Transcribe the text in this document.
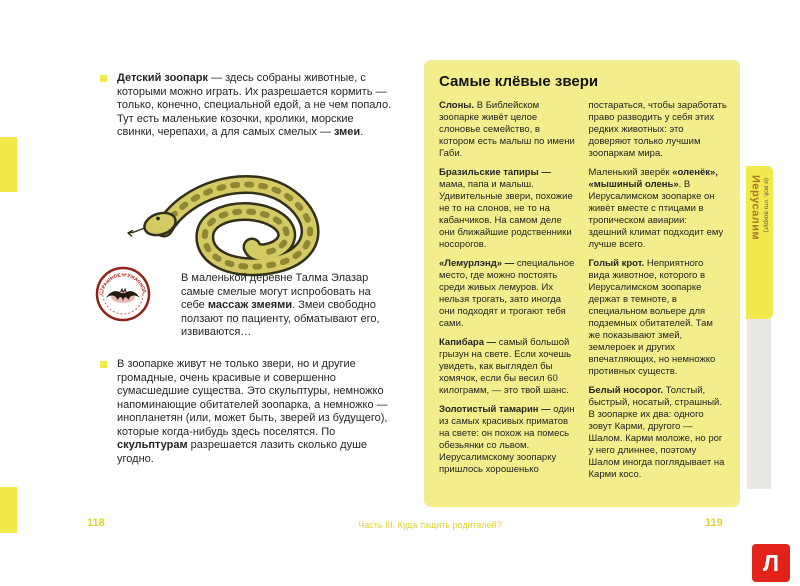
Детский зоопарк — здесь собраны животные, с которыми можно играть. Их разрешается кормить — только, конечно, специальной едой, а не чем попало. Тут есть маленькие козочки, кролики, морские свинки, черепахи, а для самых смелых — змеи.

СТРАШНОЕ И УЖАСНОЕ

В маленькой деревне Талма Элазар самые смелые могут испробовать на себе массаж змеями. Змеи свободно ползают по пациенту, обматывают его, извиваются…

В зоопарке живут не только звери, но и другие громадные, очень красивые и совершенно сумасшедшие существа. Это скульптуры, немножко напоминающие обитателей зоопарка, а немножко — инопланетян (или, может быть, зверей из будущего), которые когда-нибудь здесь поселятся. По скульптурам разрешается лазить сколько душе угодно.

Самые клёвые звери

Слоны. В Библейском зоопарке живёт целое слоновье семейство, в котором есть малыш по имени Габи.

Бразильские тапиры — мама, папа и малыш. Удивительные звери, похожие не то на слонов, не то на кабанчиков. На самом деле они ближайшие родственники носорогов.

«Лемурлэнд» — специальное место, где можно постоять среди живых лемуров. Их нельзя трогать, зато иногда они подходят и трогают тебя сами.

Капибара — самый большой грызун на свете. Если хочешь увидеть, как выглядел бы хомячок, если бы весил 60 килограмм, — это твой шанс.

Золотистый тамарин — один из самых красивых приматов на свете: он похож на помесь обезьянки со львом. Иерусалимскому зоопарку пришлось хорошенько

постараться, чтобы заработать право разводить у себя этих редких животных: это доверяют только лучшим зоопаркам мира.

Маленький зверёк «оленёк», «мышиный олень». В Иерусалимском зоопарке он живёт вместе с птицами в тропическом авиарии: здешний климат подходит ему лучше всего.

Голый крот. Неприятного вида животное, которого в Иерусалимском зоопарке держат в темноте, в специальном вольере для подземных обитателей. Там же показывают змей, землероек и других впечатляющих, но немножко противных существ.

Белый носорог. Толстый, быстрый, носатый, страшный. В зоопарке их два: одного зовут Карми, другого — Шалом. Карми моложе, но рог у него длиннее, поэтому Шалом иногда поглядывает на Карми косо.

Иерусалим (и всё, что вокруг)
118	Часть III. Куда тащить родителей?	119
Л
